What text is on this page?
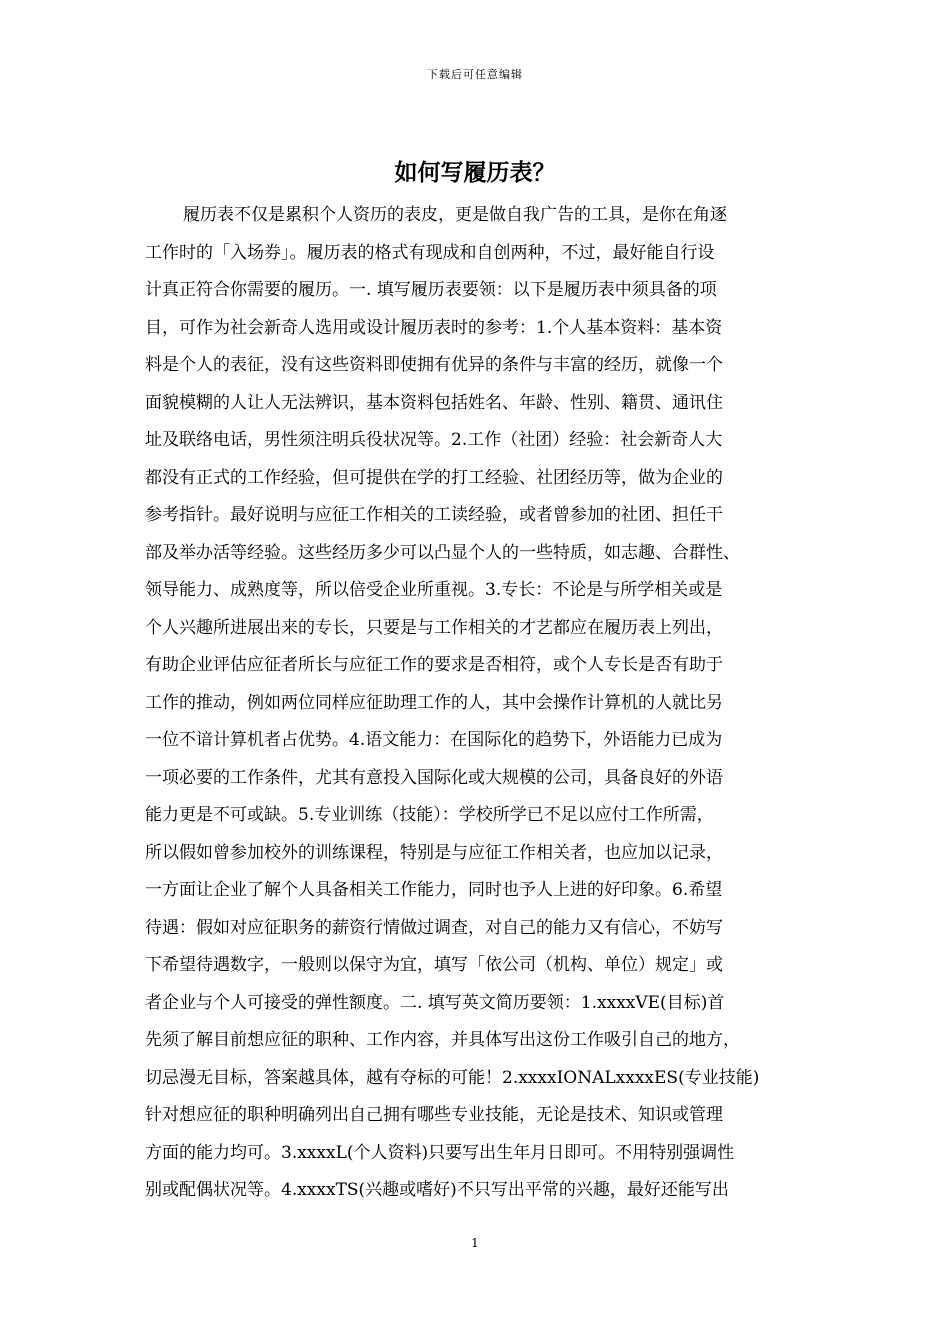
下载后可任意编辑
如何写履历表？
履历表不仅是累积个人资历的表皮，更是做自我广告的工具，是你在角逐
工作时的「入场券」。履历表的格式有现成和自创两种，不过，最好能自行设
计真正符合你需要的履历。一. 填写履历表要领：以下是履历表中须具备的项
目，可作为社会新奇人选用或设计履历表时的参考：1.个人基本资料：基本资
料是个人的表征，没有这些资料即使拥有优异的条件与丰富的经历，就像一个
面貌模糊的人让人无法辨识，基本资料包括姓名、年龄、性别、籍贯、通讯住
址及联络电话，男性须注明兵役状况等。2.工作（社团）经验：社会新奇人大
都没有正式的工作经验，但可提供在学的打工经验、社团经历等，做为企业的
参考指针。最好说明与应征工作相关的工读经验，或者曾参加的社团、担任干
部及举办活等经验。这些经历多少可以凸显个人的一些特质，如志趣、合群性、
领导能力、成熟度等，所以倍受企业所重视。3.专长：不论是与所学相关或是
个人兴趣所进展出来的专长，只要是与工作相关的才艺都应在履历表上列出，
有助企业评估应征者所长与应征工作的要求是否相符，或个人专长是否有助于
工作的推动，例如两位同样应征助理工作的人，其中会操作计算机的人就比另
一位不谙计算机者占优势。4.语文能力：在国际化的趋势下，外语能力已成为
一项必要的工作条件，尤其有意投入国际化或大规模的公司，具备良好的外语
能力更是不可或缺。5.专业训练（技能）：学校所学已不足以应付工作所需，
所以假如曾参加校外的训练课程，特别是与应征工作相关者，也应加以记录，
一方面让企业了解个人具备相关工作能力，同时也予人上进的好印象。6.希望
待遇：假如对应征职务的薪资行情做过调查，对自己的能力又有信心，不妨写
下希望待遇数字，一般则以保守为宜，填写「依公司（机构、单位）规定」或
者企业与个人可接受的弹性额度。二. 填写英文简历要领：1.xxxxVE(目标)首
先须了解目前想应征的职种、工作内容，并具体写出这份工作吸引自己的地方，
切忌漫无目标，答案越具体，越有夺标的可能！2.xxxxIONALxxxxES(专业技能)
针对想应征的职种明确列出自己拥有哪些专业技能，无论是技术、知识或管理
方面的能力均可。3.xxxxL(个人资料)只要写出生年月日即可。不用特别强调性
别或配偶状况等。4.xxxxTS(兴趣或嗜好)不只写出平常的兴趣，最好还能写出
1
